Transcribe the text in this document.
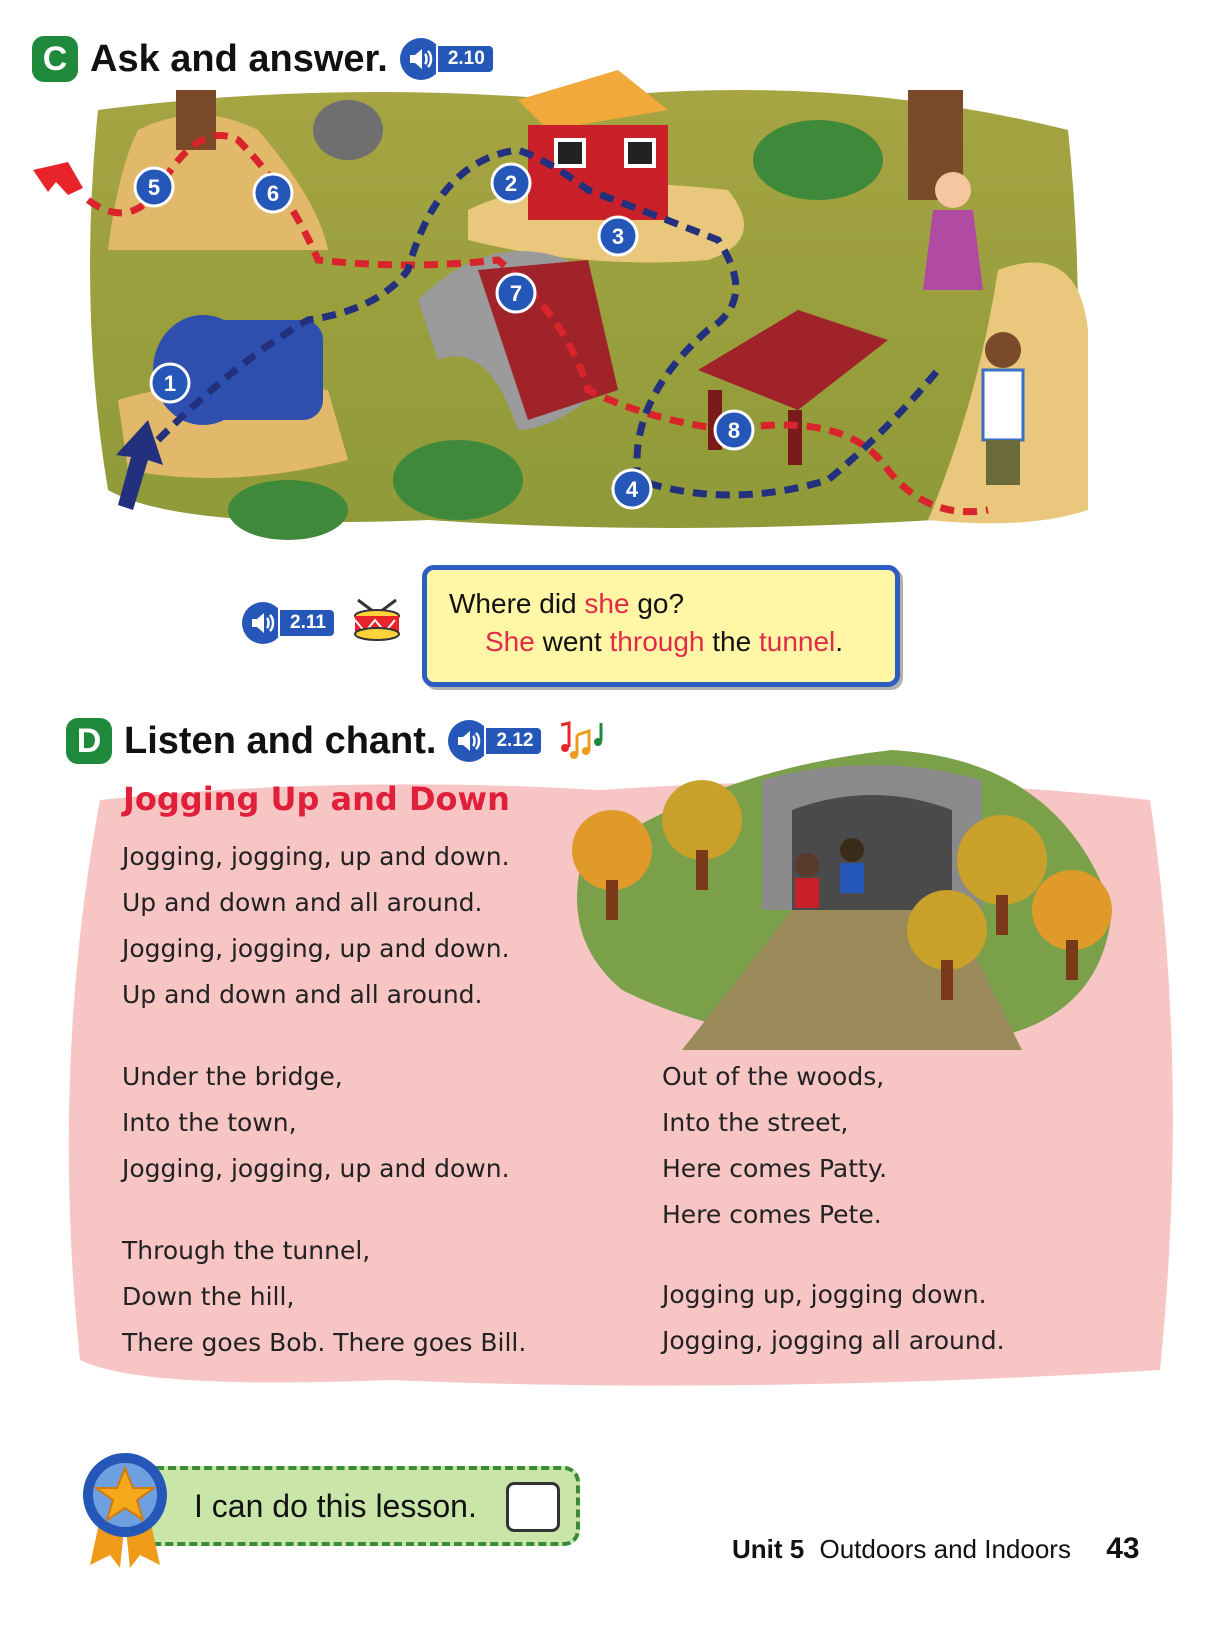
C Ask and answer.	2.10
1
2
3
4
5	6
7
8
2.11
Where did she go?
She went through the tunnel.
D Listen and chant.	2.12
Jogging Up and Down
Jogging, jogging, up and down.
Up and down and all around.
Jogging, jogging, up and down.
Up and down and all around.
Under the bridge,
Into the town,
Jogging, jogging, up and down.
Through the tunnel,
Down the hill,
There goes Bob. There goes Bill.
Out of the woods,
Into the street,
Here comes Patty.
Here comes Pete.
Jogging up, jogging down.
Jogging, jogging all around.
I can do this lesson.
Unit 5 Outdoors and Indoors 43
